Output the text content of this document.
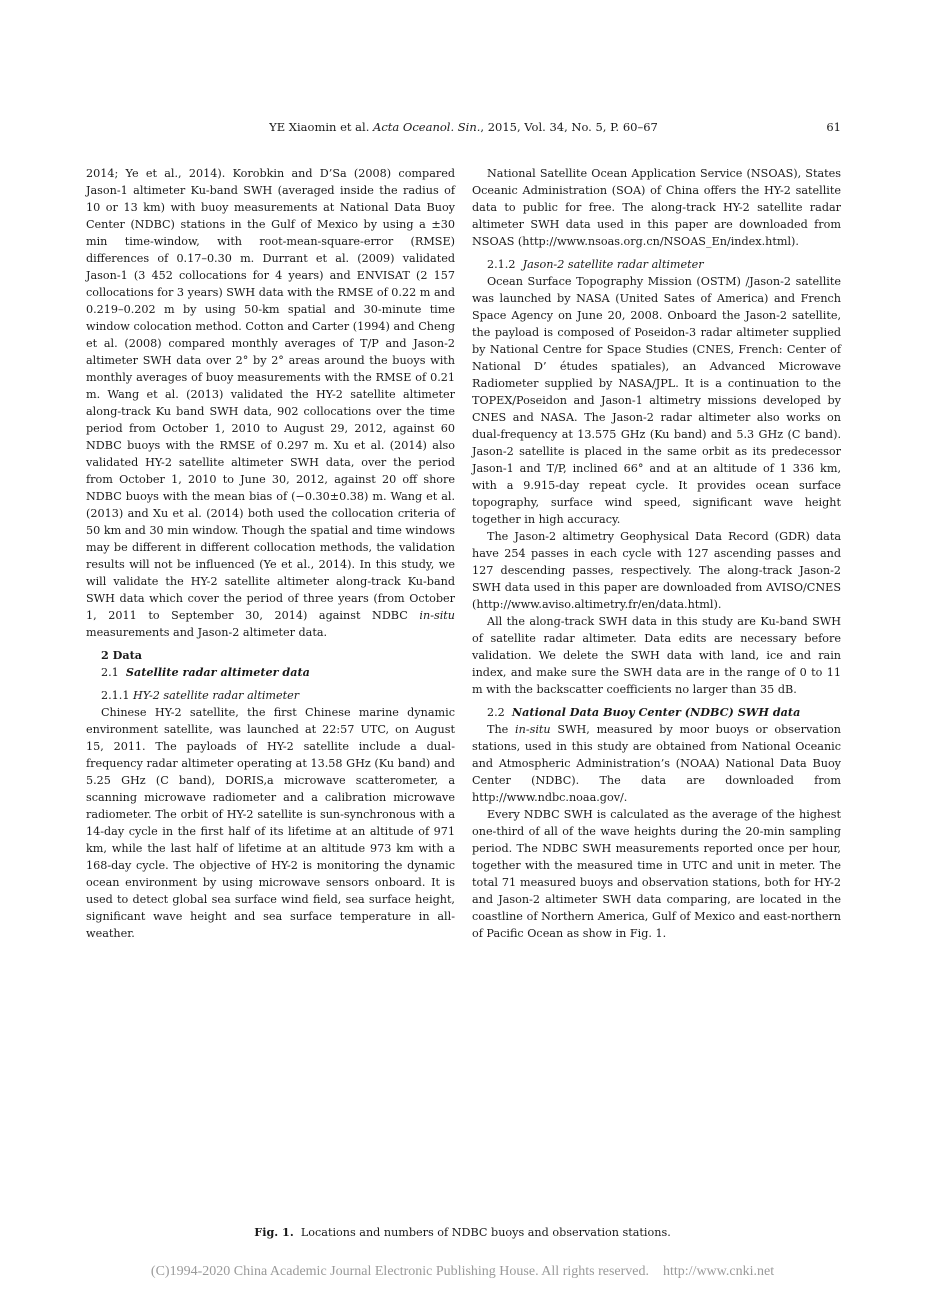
YE Xiaomin et al. Acta Oceanol. Sin., 2015, Vol. 34, No. 5, P. 60–67	61

2014; Ye et al., 2014). Korobkin and D’Sa (2008) compared Jason-1 altimeter Ku-band SWH (averaged inside the radius of 10 or 13 km) with buoy measurements at National Data Buoy Center (NDBC) stations in the Gulf of Mexico by using a ±30 min time-window, with root-mean-square-error (RMSE) differences of 0.17–0.30 m. Durrant et al. (2009) validated Jason-1 (3 452 collocations for 4 years) and ENVISAT (2 157 collocations for 3 years) SWH data with the RMSE of 0.22 m and 0.219–0.202 m by using 50-km spatial and 30-minute time window colocation method. Cotton and Carter (1994) and Cheng et al. (2008) compared monthly averages of T/P and Jason-2 altimeter SWH data over 2° by 2° areas around the buoys with monthly averages of buoy measurements with the RMSE of 0.21 m. Wang et al. (2013) validated the HY-2 satellite altimeter along-track Ku band SWH data, 902 collocations over the time period from October 1, 2010 to August 29, 2012, against 60 NDBC buoys with the RMSE of 0.297 m. Xu et al. (2014) also validated HY-2 satellite altimeter SWH data, over the period from October 1, 2010 to June 30, 2012, against 20 off shore NDBC buoys with the mean bias of (−0.30±0.38) m. Wang et al. (2013) and Xu et al. (2014) both used the collocation criteria of 50 km and 30 min window. Though the spatial and time windows may be different in different collocation methods, the validation results will not be influenced (Ye et al., 2014). In this study, we will validate the HY-2 satellite altimeter along-track Ku-band SWH data which cover the period of three years (from October 1, 2011 to September 30, 2014) against NDBC in-situ measurements and Jason-2 altimeter data.

2 Data

2.1 Satellite radar altimeter data

2.1.1 HY-2 satellite radar altimeter

Chinese HY-2 satellite, the first Chinese marine dynamic environment satellite, was launched at 22:57 UTC, on August 15, 2011. The payloads of HY-2 satellite include a dual-frequency radar altimeter operating at 13.58 GHz (Ku band) and 5.25 GHz (C band), DORIS,a microwave scatterometer, a scanning microwave radiometer and a calibration microwave radiometer. The orbit of HY-2 satellite is sun-synchronous with a 14-day cycle in the first half of its lifetime at an altitude of 971 km, while the last half of lifetime at an altitude 973 km with a 168-day cycle. The objective of HY-2 is monitoring the dynamic ocean environment by using microwave sensors onboard. It is used to detect global sea surface wind field, sea surface height, significant wave height and sea surface temperature in all-weather.

National Satellite Ocean Application Service (NSOAS), States Oceanic Administration (SOA) of China offers the HY-2 satellite data to public for free. The along-track HY-2 satellite radar altimeter SWH data used in this paper are downloaded from NSOAS (http://www.nsoas.org.cn/NSOAS_En/index.html).

2.1.2 Jason-2 satellite radar altimeter

Ocean Surface Topography Mission (OSTM) /Jason-2 satellite was launched by NASA (United Sates of America) and French Space Agency on June 20, 2008. Onboard the Jason-2 satellite, the payload is composed of Poseidon-3 radar altimeter supplied by National Centre for Space Studies (CNES, French: Center of National D’ études spatiales), an Advanced Microwave Radiometer supplied by NASA/JPL. It is a continuation to the TOPEX/Poseidon and Jason-1 altimetry missions developed by CNES and NASA. The Jason-2 radar altimeter also works on dual-frequency at 13.575 GHz (Ku band) and 5.3 GHz (C band). Jason-2 satellite is placed in the same orbit as its predecessor Jason-1 and T/P, inclined 66° and at an altitude of 1 336 km, with a 9.915-day repeat cycle. It provides ocean surface topography, surface wind speed, significant wave height together in high accuracy.

The Jason-2 altimetry Geophysical Data Record (GDR) data have 254 passes in each cycle with 127 ascending passes and 127 descending passes, respectively. The along-track Jason-2 SWH data used in this paper are downloaded from AVISO/CNES (http://www.aviso.altimetry.fr/en/data.html).

All the along-track SWH data in this study are Ku-band SWH of satellite radar altimeter. Data edits are necessary before validation. We delete the SWH data with land, ice and rain index, and make sure the SWH data are in the range of 0 to 11 m with the backscatter coefficients no larger than 35 dB.

2.2 National Data Buoy Center (NDBC) SWH data

The in-situ SWH, measured by moor buoys or observation stations, used in this study are obtained from National Oceanic and Atmospheric Administration’s (NOAA) National Data Buoy Center (NDBC). The data are downloaded from http://www.ndbc.noaa.gov/.

Every NDBC SWH is calculated as the average of the highest one-third of all of the wave heights during the 20-min sampling period. The NDBC SWH measurements reported once per hour, together with the measured time in UTC and unit in meter. The total 71 measured buoys and observation stations, both for HY-2 and Jason-2 altimeter SWH data comparing, are located in the coastline of Northern America, Gulf of Mexico and east-northern of Pacific Ocean as show in Fig. 1.

Fig. 1. Locations and numbers of NDBC buoys and observation stations.
(C)1994-2020 China Academic Journal Electronic Publishing House. All rights reserved. http://www.cnki.net
